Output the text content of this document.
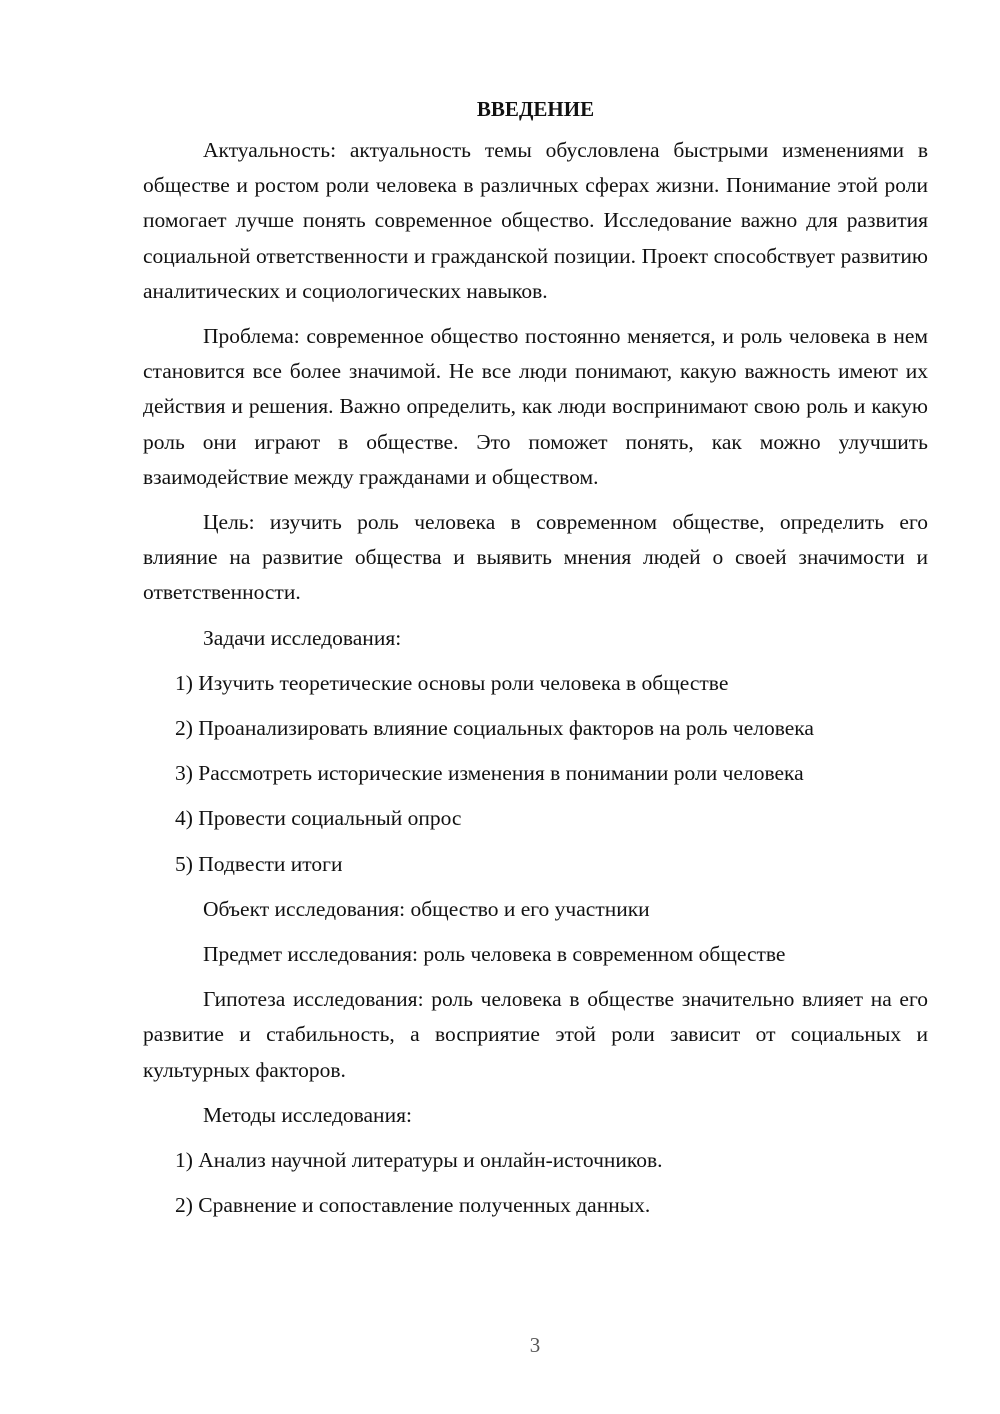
ВВЕДЕНИЕ

Актуальность: актуальность темы обусловлена быстрыми изменениями в обществе и ростом роли человека в различных сферах жизни. Понимание этой роли помогает лучше понять современное общество. Исследование важно для развития социальной ответственности и гражданской позиции. Проект способствует развитию аналитических и социологических навыков.

Проблема: современное общество постоянно меняется, и роль человека в нем становится все более значимой. Не все люди понимают, какую важность имеют их действия и решения. Важно определить, как люди воспринимают свою роль и какую роль они играют в обществе. Это поможет понять, как можно улучшить взаимодействие между гражданами и обществом.

Цель: изучить роль человека в современном обществе, определить его влияние на развитие общества и выявить мнения людей о своей значимости и ответственности.

Задачи исследования:
1) Изучить теоретические основы роли человека в обществе
2) Проанализировать влияние социальных факторов на роль человека
3) Рассмотреть исторические изменения в понимании роли человека
4) Провести социальный опрос
5) Подвести итоги
Объект исследования: общество и его участники
Предмет исследования: роль человека в современном обществе

Гипотеза исследования: роль человека в обществе значительно влияет на его развитие и стабильность, а восприятие этой роли зависит от социальных и культурных факторов.

Методы исследования:
1) Анализ научной литературы и онлайн-источников.
2) Сравнение и сопоставление полученных данных.
3
